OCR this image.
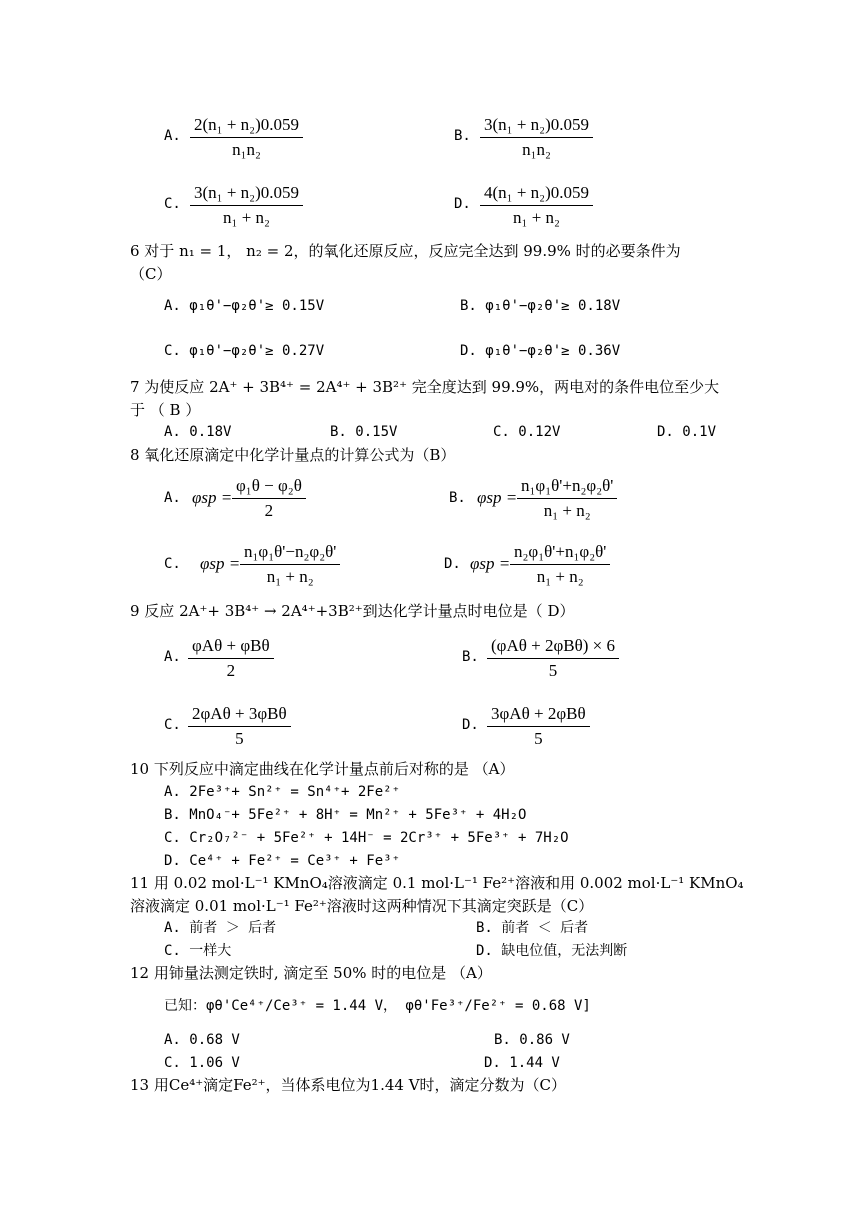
A. $\frac{\text{2(n₁ + n₂)0.059}}{\text{n₁n₂}}$	B. $\frac{\text{3(n₁ + n₂)0.059}}{\text{n₁n₂}}$
C. $\frac{\text{3(n₁ + n₂)0.059}}{\text{n₁ + n₂}}$	D. $\frac{\text{4(n₁ + n₂)0.059}}{\text{n₁ + n₂}}$
6 对于 n₁ = 1， n₂ = 2，的氧化还原反应，反应完全达到 99.9% 时的必要条件为
（C）
A. φ₁θ'−φ₂θ'≥ 0.15V	B. φ₁θ'−φ₂θ'≥ 0.18V
C. φ₁θ'−φ₂θ'≥ 0.27V	D. φ₁θ'−φ₂θ'≥ 0.36V
7 为使反应 2A⁺ + 3B⁴⁺ = 2A⁴⁺ + 3B²⁺ 完全度达到 99.9%，两电对的条件电位至少大
于 （ B ）
A. 0.18V	B. 0.15V	C. 0.12V	D. 0.1V
8 氧化还原滴定中化学计量点的计算公式为（B）
A. $\varphi sp = \frac{\text{φ₁θ − φ₂θ}}{2}$	B. $\varphi sp = \frac{\text{n₁φ₁θ'+n₂φ₂θ'}}{\text{n₁ + n₂}}$
C. $\varphi sp = \frac{\text{n₁φ₁θ'−n₂φ₂θ'}}{\text{n₁ + n₂}}$	D. $\varphi sp = \frac{\text{n₂φ₁θ'+n₁φ₂θ'}}{\text{n₁ + n₂}}$
9 反应 2A⁺+ 3B⁴⁺ → 2A⁴⁺+3B²⁺到达化学计量点时电位是（ D）
A.
φAθ + φBθ
2
B.
(φAθ + 2φBθ) × 6
5
C.
2φAθ + 3φBθ
5
D.
3φAθ + 2φBθ
5
10 下列反应中滴定曲线在化学计量点前后对称的是 （A）
A. 2Fe³⁺+ Sn²⁺ = Sn⁴⁺+ 2Fe²⁺
B. MnO₄⁻+ 5Fe²⁺ + 8H⁺ = Mn²⁺ + 5Fe³⁺ + 4H₂O
C. Cr₂O₇²⁻ + 5Fe²⁺ + 14H⁻ = 2Cr³⁺ + 5Fe³⁺ + 7H₂O
D. Ce⁴⁺ + Fe²⁺ = Ce³⁺ + Fe³⁺
11 用 0.02 mol·L⁻¹ KMnO₄溶液滴定 0.1 mol·L⁻¹ Fe²⁺溶液和用 0.002 mol·L⁻¹ KMnO₄
溶液滴定 0.01 mol·L⁻¹ Fe²⁺溶液时这两种情况下其滴定突跃是（C）
A. 前者 ＞ 后者	B. 前者 ＜ 后者
C. 一样大	D. 缺电位值，无法判断
12 用铈量法测定铁时, 滴定至 50% 时的电位是 （A）
已知：φθ'Ce⁴⁺/Ce³⁺ = 1.44 V， φθ'Fe³⁺/Fe²⁺ = 0.68 V]
A. 0.68 V	B. 0.86 V
C. 1.06 V	D. 1.44 V
13 用Ce⁴⁺滴定Fe²⁺，当体系电位为1.44 V时，滴定分数为（C）
